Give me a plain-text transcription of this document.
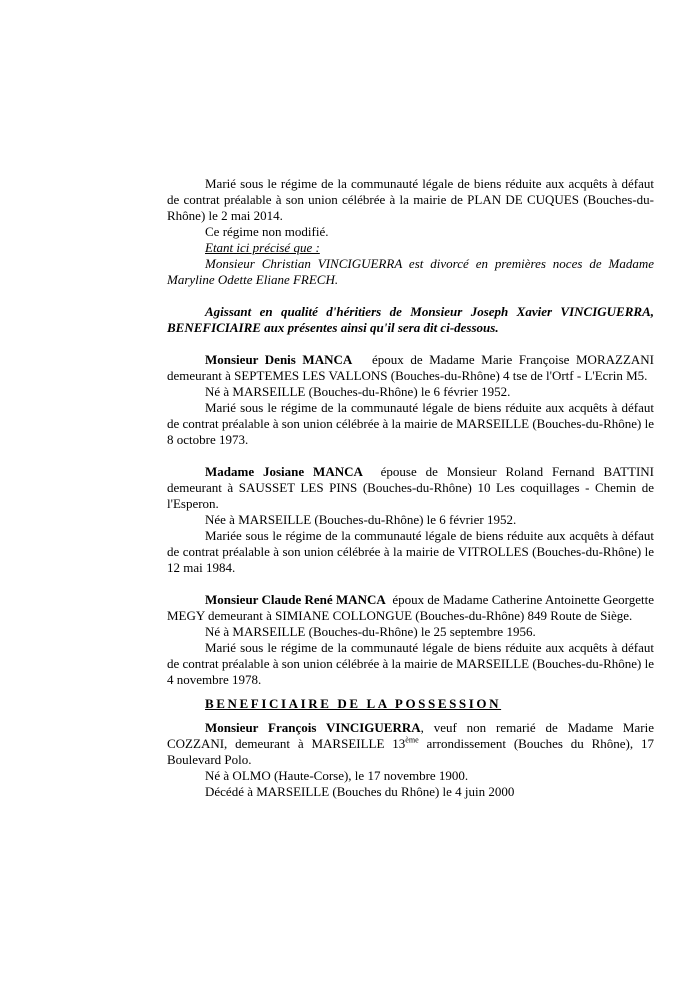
Marié sous le régime de la communauté légale de biens réduite aux acquêts à défaut de contrat préalable à son union célébrée à la mairie de PLAN DE CUQUES (Bouches-du-Rhône) le 2 mai 2014.

Ce régime non modifié.

Etant ici précisé que :

Monsieur Christian VINCIGUERRA est divorcé en premières noces de Madame Maryline Odette Eliane FRECH.

Agissant en qualité d'héritiers de Monsieur Joseph Xavier VINCIGUERRA, BENEFICIAIRE aux présentes ainsi qu'il sera dit ci-dessous.

Monsieur Denis MANCA époux de Madame Marie Françoise MORAZZANI demeurant à SEPTEMES LES VALLONS (Bouches-du-Rhône) 4 tse de l'Ortf - L'Ecrin M5.

Né à MARSEILLE (Bouches-du-Rhône) le 6 février 1952.

Marié sous le régime de la communauté légale de biens réduite aux acquêts à défaut de contrat préalable à son union célébrée à la mairie de MARSEILLE (Bouches-du-Rhône) le 8 octobre 1973.

Madame Josiane MANCA épouse de Monsieur Roland Fernand BATTINI demeurant à SAUSSET LES PINS (Bouches-du-Rhône) 10 Les coquillages - Chemin de l'Esperon.

Née à MARSEILLE (Bouches-du-Rhône) le 6 février 1952.

Mariée sous le régime de la communauté légale de biens réduite aux acquêts à défaut de contrat préalable à son union célébrée à la mairie de VITROLLES (Bouches-du-Rhône) le 12 mai 1984.

Monsieur Claude René MANCA époux de Madame Catherine Antoinette Georgette MEGY demeurant à SIMIANE COLLONGUE (Bouches-du-Rhône) 849 Route de Siège.

Né à MARSEILLE (Bouches-du-Rhône) le 25 septembre 1956.

Marié sous le régime de la communauté légale de biens réduite aux acquêts à défaut de contrat préalable à son union célébrée à la mairie de MARSEILLE (Bouches-du-Rhône) le 4 novembre 1978.

BENEFICIAIRE DE LA POSSESSION

Monsieur François VINCIGUERRA, veuf non remarié de Madame Marie COZZANI, demeurant à MARSEILLE 13ème arrondissement (Bouches du Rhône), 17 Boulevard Polo.

Né à OLMO (Haute-Corse), le 17 novembre 1900.

Décédé à MARSEILLE (Bouches du Rhône) le 4 juin 2000
